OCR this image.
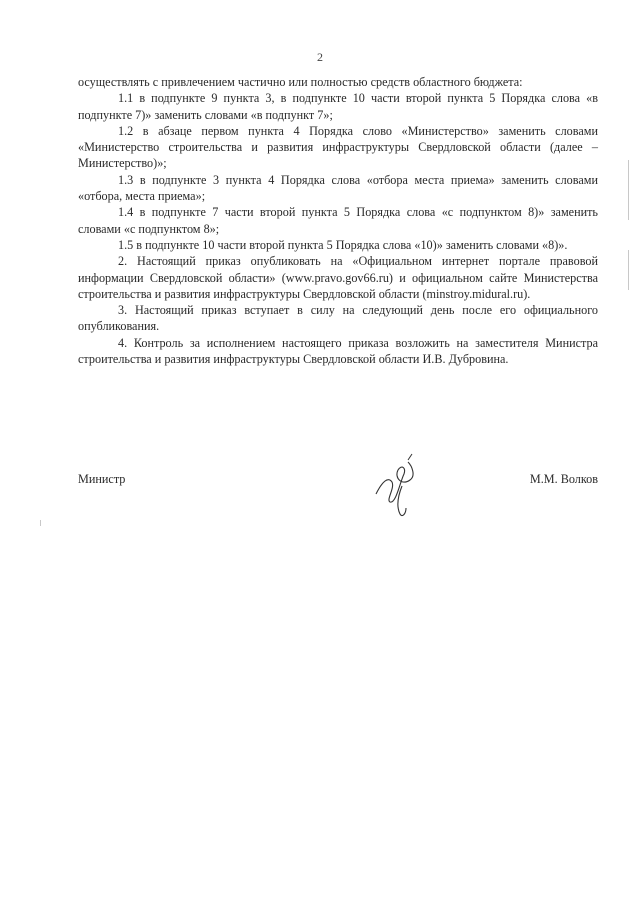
2

осуществлять с привлечением частично или полностью средств областного бюджета:

1.1 в подпункте 9 пункта 3, в подпункте 10 части второй пункта 5 Порядка слова «в подпункте 7)» заменить словами «в подпункт 7»;

1.2 в абзаце первом пункта 4 Порядка слово «Министерство» заменить словами «Министерство строительства и развития инфраструктуры Свердловской области (далее – Министерство)»;

1.3 в подпункте 3 пункта 4 Порядка слова «отбора места приема» заменить словами «отбора, места приема»;

1.4 в подпункте 7 части второй пункта 5 Порядка слова «с подпунктом 8)» заменить словами «с подпунктом 8»;

1.5 в подпункте 10 части второй пункта 5 Порядка слова «10)» заменить словами «8)».

2. Настоящий приказ опубликовать на «Официальном интернет портале правовой информации Свердловской области» (www.pravo.gov66.ru) и официальном сайте Министерства строительства и развития инфраструктуры Свердловской области (minstroy.midural.ru).

3. Настоящий приказ вступает в силу на следующий день после его официального опубликования.

4. Контроль за исполнением настоящего приказа возложить на заместителя Министра строительства и развития инфраструктуры Свердловской области И.В. Дубровина.

Министр	М.М. Волков
